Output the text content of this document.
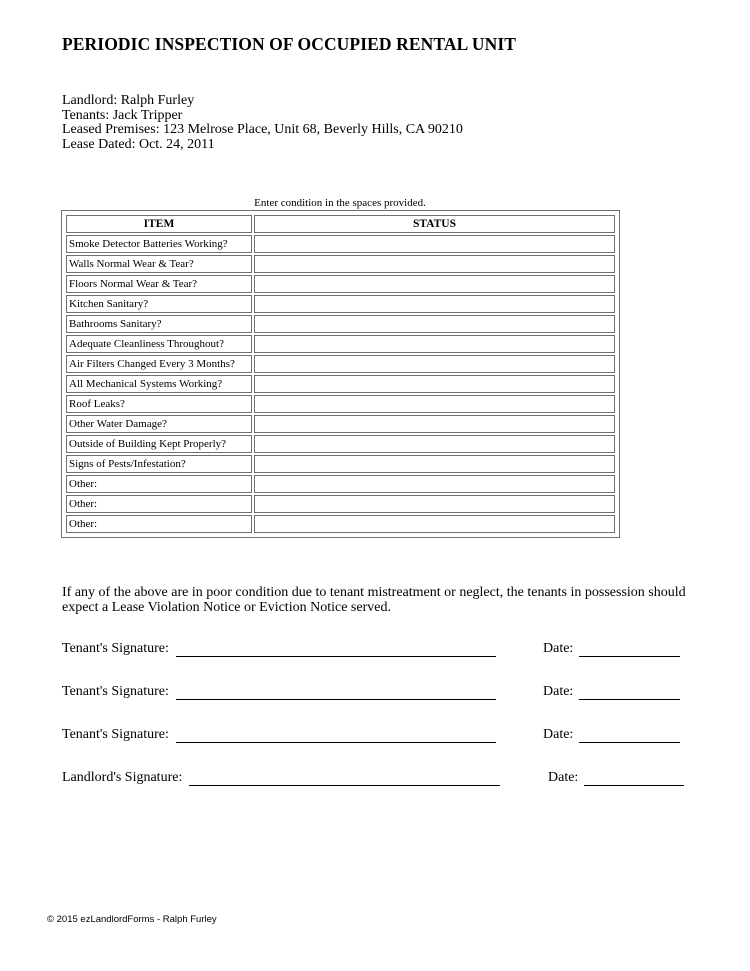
PERIODIC INSPECTION OF OCCUPIED RENTAL UNIT
Landlord: Ralph Furley
Tenants: Jack Tripper
Leased Premises: 123 Melrose Place, Unit 68, Beverly Hills, CA 90210
Lease Dated: Oct. 24, 2011
Enter condition in the spaces provided.
ITEM	STATUS
Smoke Detector Batteries Working?	
Walls Normal Wear & Tear?	
Floors Normal Wear & Tear?	
Kitchen Sanitary?	
Bathrooms Sanitary?	
Adequate Cleanliness Throughout?	
Air Filters Changed Every 3 Months?	
All Mechanical Systems Working?	
Roof Leaks?	
Other Water Damage?	
Outside of Building Kept Properly?	
Signs of Pests/Infestation?	
Other:	
Other:	
Other:	
If any of the above are in poor condition due to tenant mistreatment or neglect, the tenants in possession should expect a Lease Violation Notice or Eviction Notice served.
Tenant's Signature:	Date:
Tenant's Signature:	Date:
Tenant's Signature:	Date:
Landlord's Signature:	Date:
© 2015 ezLandlordForms - Ralph Furley
